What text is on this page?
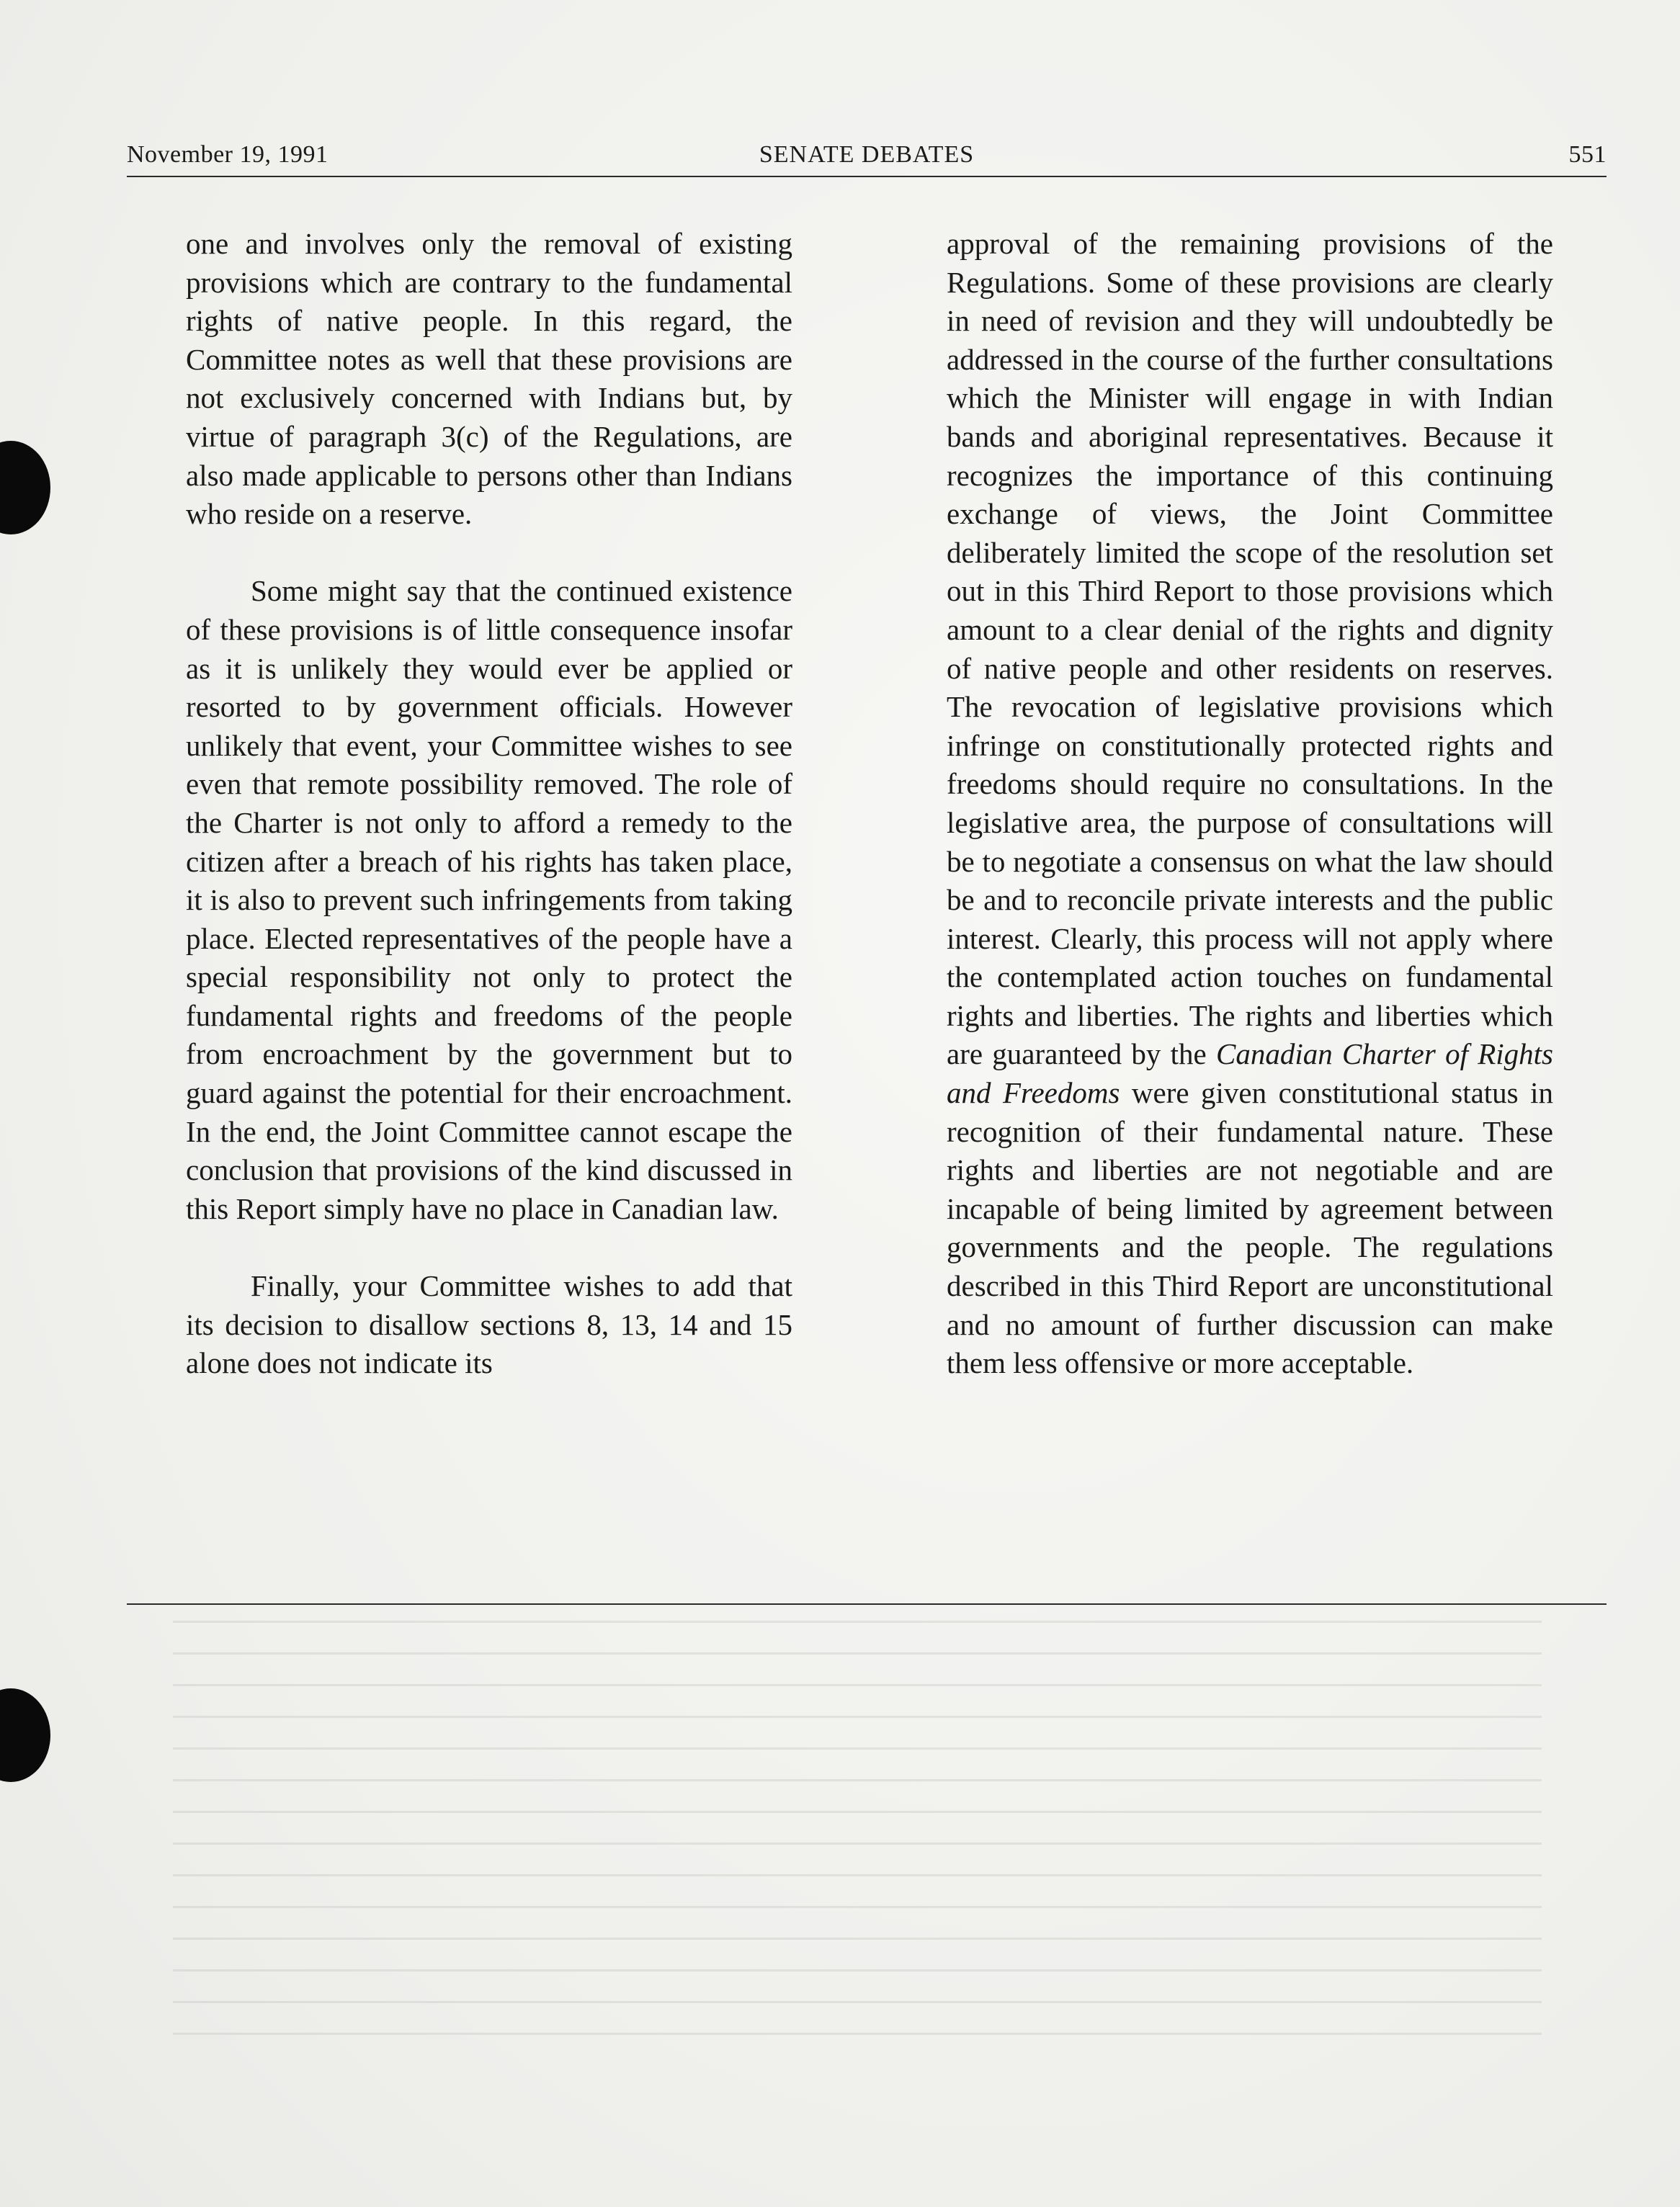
November 19, 1991	SENATE DEBATES	551

one and involves only the removal of existing provisions which are contrary to the fundamental rights of native people. In this regard, the Committee notes as well that these provisions are not exclusively concerned with Indians but, by virtue of paragraph 3(c) of the Regulations, are also made applicable to persons other than Indians who reside on a reserve.

Some might say that the continued existence of these provisions is of little consequence insofar as it is unlikely they would ever be applied or resorted to by government officials. However unlikely that event, your Committee wishes to see even that remote possibility removed. The role of the Charter is not only to afford a remedy to the citizen after a breach of his rights has taken place, it is also to prevent such infringements from taking place. Elected representatives of the people have a special responsibility not only to protect the fundamental rights and freedoms of the people from encroachment by the government but to guard against the potential for their encroachment. In the end, the Joint Committee cannot escape the conclusion that provisions of the kind discussed in this Report simply have no place in Canadian law.

Finally, your Committee wishes to add that its decision to disallow sections 8, 13, 14 and 15 alone does not indicate its

approval of the remaining provisions of the Regulations. Some of these provisions are clearly in need of revision and they will undoubtedly be addressed in the course of the further consultations which the Minister will engage in with Indian bands and aboriginal representatives. Because it recognizes the importance of this continuing exchange of views, the Joint Committee deliberately limited the scope of the resolution set out in this Third Report to those provisions which amount to a clear denial of the rights and dignity of native people and other residents on reserves. The revocation of legislative provisions which infringe on constitutionally protected rights and freedoms should require no consultations. In the legislative area, the purpose of consultations will be to negotiate a consensus on what the law should be and to reconcile private interests and the public interest. Clearly, this process will not apply where the contemplated action touches on fundamental rights and liberties. The rights and liberties which are guaranteed by the Canadian Charter of Rights and Freedoms were given constitutional status in recognition of their fundamental nature. These rights and liberties are not negotiable and are incapable of being limited by agreement between governments and the people. The regulations described in this Third Report are unconstitutional and no amount of further discussion can make them less offensive or more acceptable.
